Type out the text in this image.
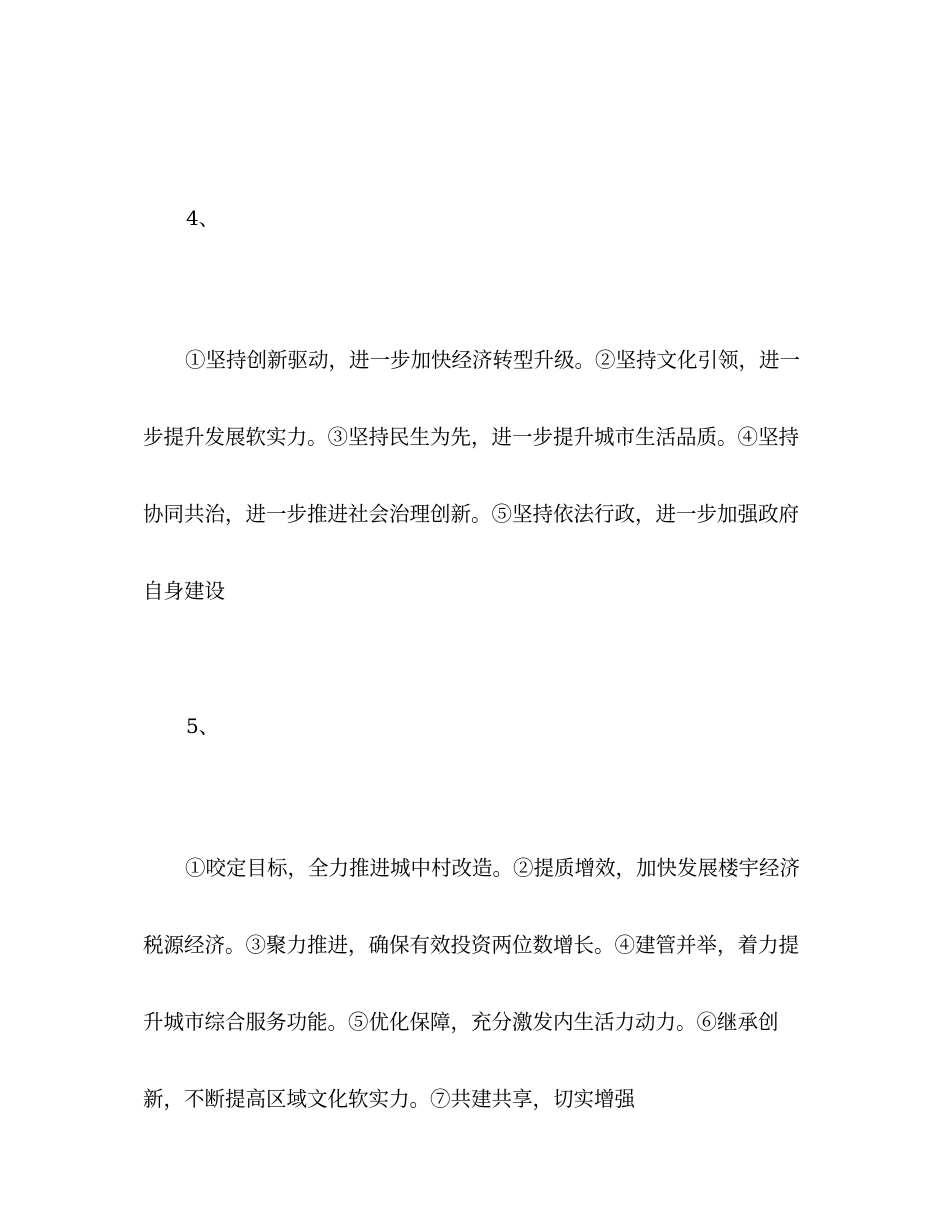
4、

①坚持创新驱动，进一步加快经济转型升级。②坚持文化引领，进一步提升发展软实力。③坚持民生为先，进一步提升城市生活品质。④坚持协同共治，进一步推进社会治理创新。⑤坚持依法行政，进一步加强政府自身建设

5、

①咬定目标，全力推进城中村改造。②提质增效，加快发展楼宇经济税源经济。③聚力推进，确保有效投资两位数增长。④建管并举，着力提升城市综合服务功能。⑤优化保障，充分激发内生活力动力。⑥继承创新，不断提高区域文化软实力。⑦共建共享，切实增强
